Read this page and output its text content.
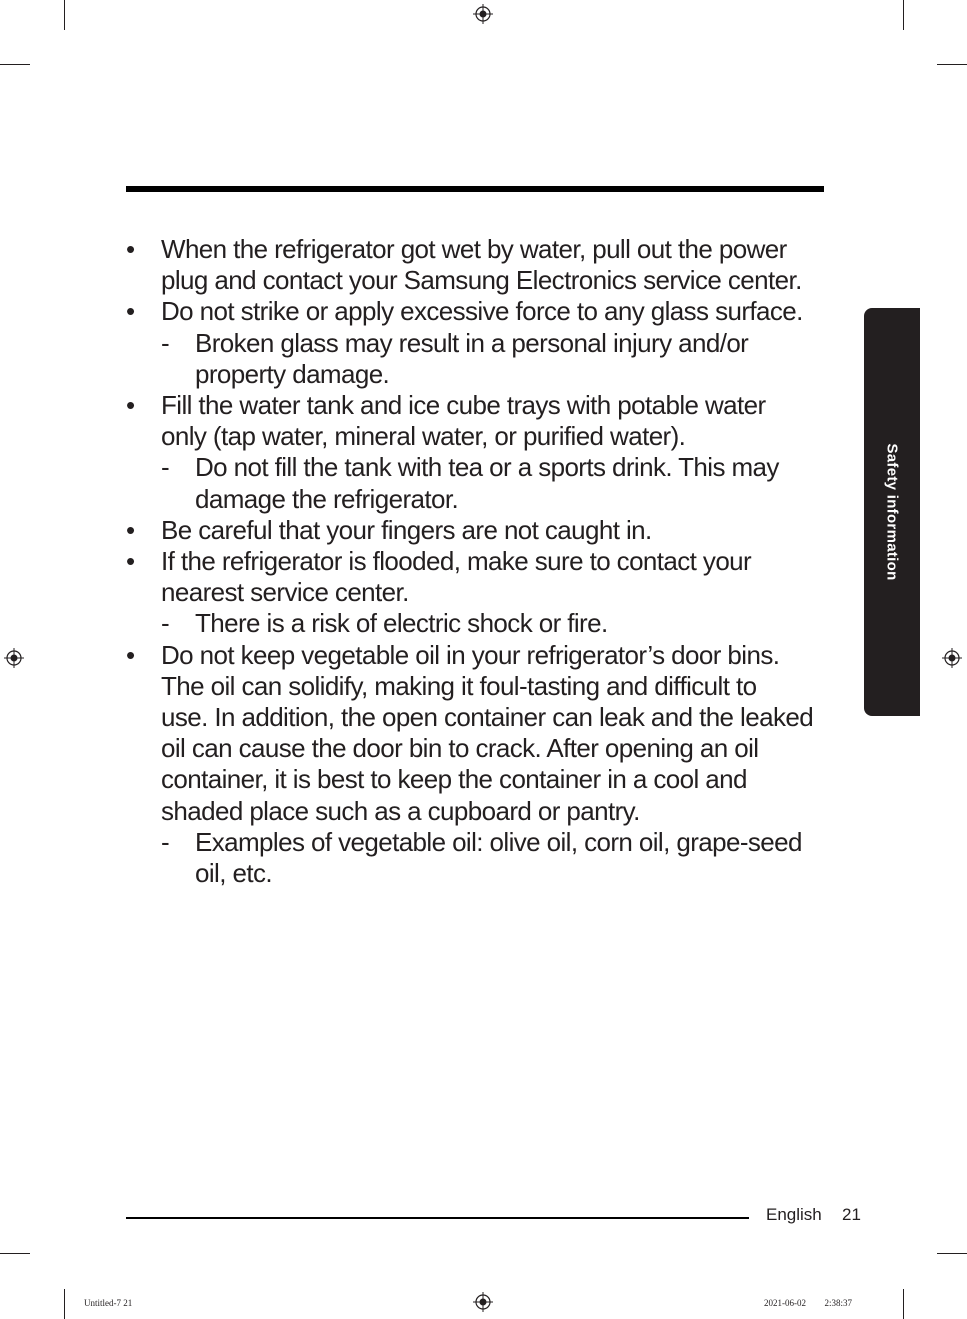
• When the refrigerator got wet by water, pull out the power
plug and contact your Samsung Electronics service center.
• Do not strike or apply excessive force to any glass surface.
- Broken glass may result in a personal injury and/or
property damage.
• Fill the water tank and ice cube trays with potable water
only (tap water, mineral water, or purified water).
- Do not fill the tank with tea or a sports drink. This may
damage the refrigerator.
• Be careful that your fingers are not caught in.
• If the refrigerator is flooded, make sure to contact your
nearest service center.
- There is a risk of electric shock or fire.
• Do not keep vegetable oil in your refrigerator’s door bins.
The oil can solidify, making it foul-tasting and difficult to
use. In addition, the open container can leak and the leaked
oil can cause the door bin to crack. After opening an oil
container, it is best to keep the container in a cool and
shaded place such as a cupboard or pantry.
- Examples of vegetable oil: olive oil, corn oil, grape-seed
oil, etc.
Safety information
English 21
Untitled-7 21	2021-06-02    2:38:37
